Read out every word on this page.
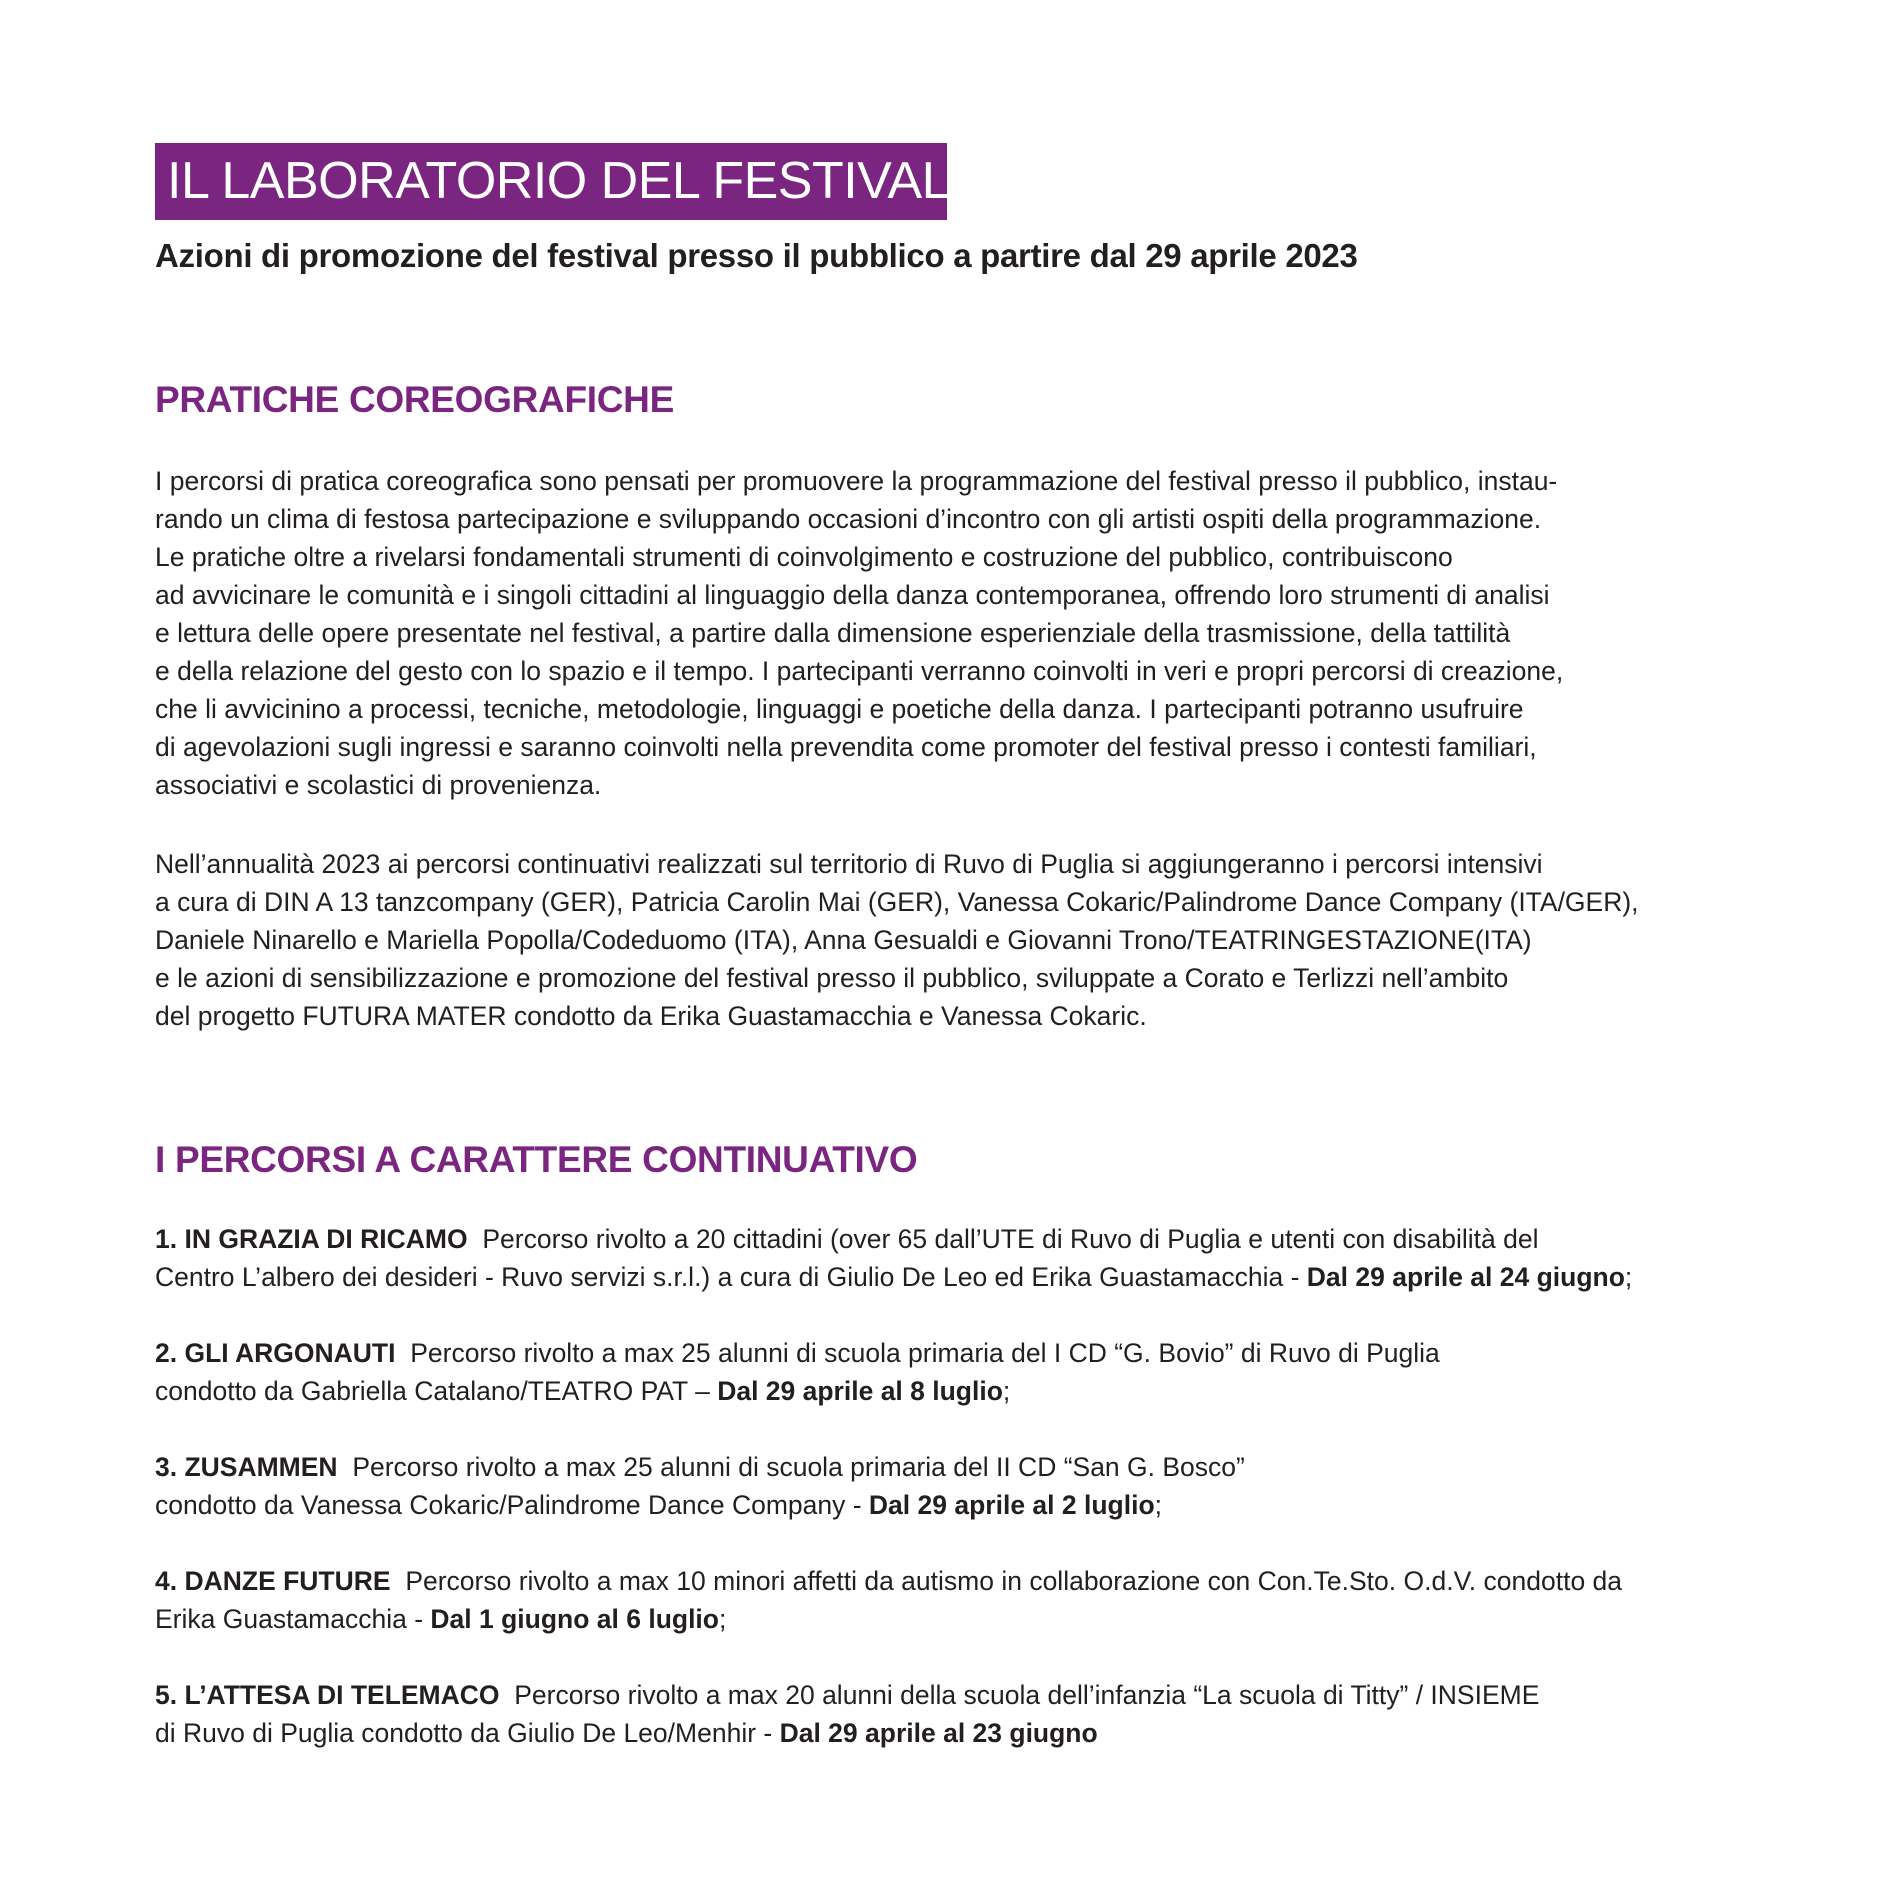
IL LABORATORIO DEL FESTIVAL
Azioni di promozione del festival presso il pubblico a partire dal 29 aprile 2023
PRATICHE COREOGRAFICHE
I percorsi di pratica coreografica sono pensati per promuovere la programmazione del festival presso il pubblico, instau-
rando un clima di festosa partecipazione e sviluppando occasioni d’incontro con gli artisti ospiti della programmazione.
Le pratiche oltre a rivelarsi fondamentali strumenti di coinvolgimento e costruzione del pubblico, contribuiscono
ad avvicinare le comunità e i singoli cittadini al linguaggio della danza contemporanea, offrendo loro strumenti di analisi
e lettura delle opere presentate nel festival, a partire dalla dimensione esperienziale della trasmissione, della tattilità
e della relazione del gesto con lo spazio e il tempo. I partecipanti verranno coinvolti in veri e propri percorsi di creazione,
che li avvicinino a processi, tecniche, metodologie, linguaggi e poetiche della danza. I partecipanti potranno usufruire
di agevolazioni sugli ingressi e saranno coinvolti nella prevendita come promoter del festival presso i contesti familiari,
associativi e scolastici di provenienza.
Nell’annualità 2023 ai percorsi continuativi realizzati sul territorio di Ruvo di Puglia si aggiungeranno i percorsi intensivi
a cura di DIN A 13 tanzcompany (GER), Patricia Carolin Mai (GER), Vanessa Cokaric/Palindrome Dance Company (ITA/GER),
Daniele Ninarello e Mariella Popolla/Codeduomo (ITA), Anna Gesualdi e Giovanni Trono/TEATRINGESTAZIONE(ITA)
e le azioni di sensibilizzazione e promozione del festival presso il pubblico, sviluppate a Corato e Terlizzi nell’ambito
del progetto FUTURA MATER condotto da Erika Guastamacchia e Vanessa Cokaric.
I PERCORSI A CARATTERE CONTINUATIVO
1. IN GRAZIA DI RICAMO Percorso rivolto a 20 cittadini (over 65 dall’UTE di Ruvo di Puglia e utenti con disabilità del
Centro L’albero dei desideri - Ruvo servizi s.r.l.) a cura di Giulio De Leo ed Erika Guastamacchia - Dal 29 aprile al 24 giugno;
2. GLI ARGONAUTI Percorso rivolto a max 25 alunni di scuola primaria del I CD “G. Bovio” di Ruvo di Puglia
condotto da Gabriella Catalano/TEATRO PAT – Dal 29 aprile al 8 luglio;
3. ZUSAMMEN Percorso rivolto a max 25 alunni di scuola primaria del II CD “San G. Bosco”
condotto da Vanessa Cokaric/Palindrome Dance Company - Dal 29 aprile al 2 luglio;
4. DANZE FUTURE Percorso rivolto a max 10 minori affetti da autismo in collaborazione con Con.Te.Sto. O.d.V. condotto da
Erika Guastamacchia - Dal 1 giugno al 6 luglio;
5. L’ATTESA DI TELEMACO Percorso rivolto a max 20 alunni della scuola dell’infanzia “La scuola di Titty” / INSIEME
di Ruvo di Puglia condotto da Giulio De Leo/Menhir - Dal 29 aprile al 23 giugno
